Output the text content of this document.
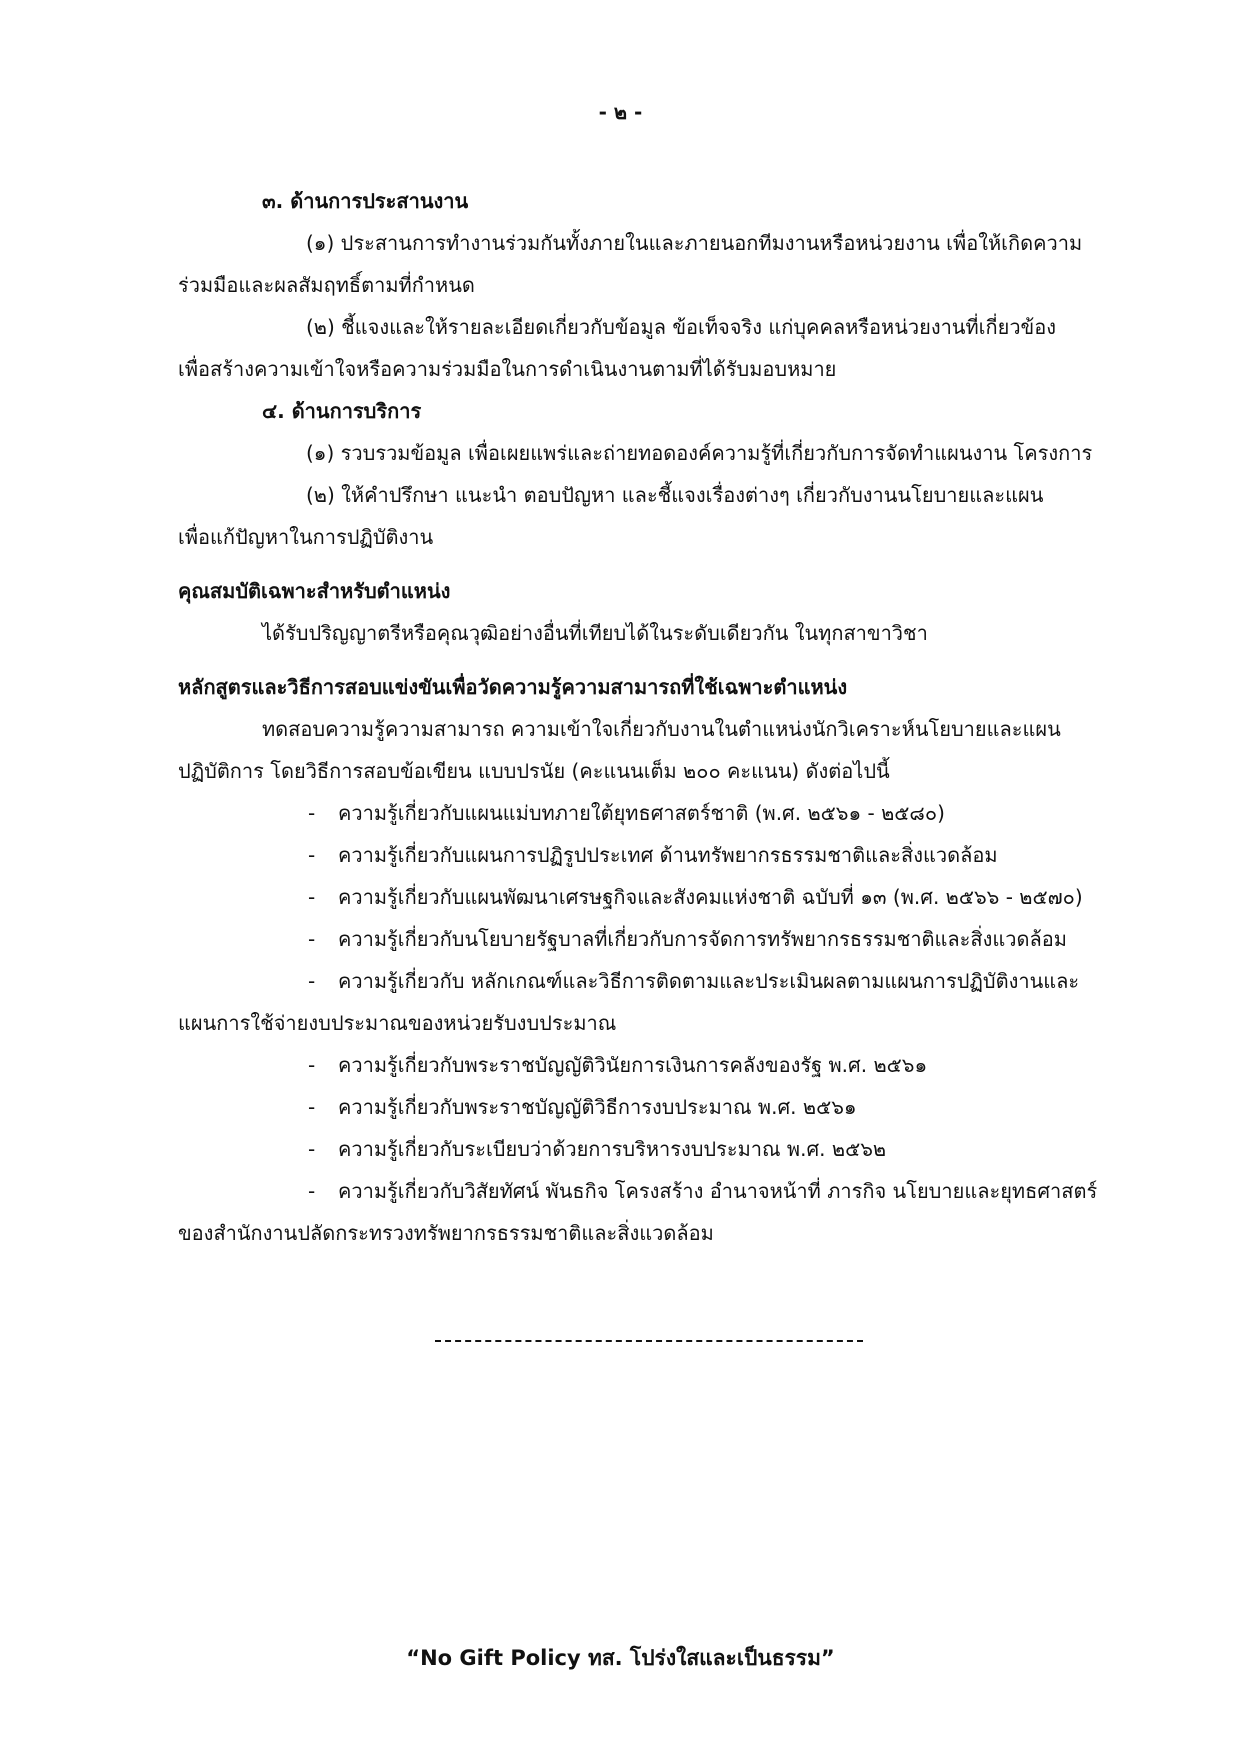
- ๒ -
๓. ด้านการประสานงาน
(๑) ประสานการทำงานร่วมกันทั้งภายในและภายนอกทีมงานหรือหน่วยงาน เพื่อให้เกิดความ
ร่วมมือและผลสัมฤทธิ์ตามที่กำหนด
(๒) ชี้แจงและให้รายละเอียดเกี่ยวกับข้อมูล ข้อเท็จจริง แก่บุคคลหรือหน่วยงานที่เกี่ยวข้อง
เพื่อสร้างความเข้าใจหรือความร่วมมือในการดำเนินงานตามที่ได้รับมอบหมาย
๔. ด้านการบริการ
(๑) รวบรวมข้อมูล เพื่อเผยแพร่และถ่ายทอดองค์ความรู้ที่เกี่ยวกับการจัดทำแผนงาน โครงการ
(๒) ให้คำปรึกษา แนะนำ ตอบปัญหา และชี้แจงเรื่องต่างๆ เกี่ยวกับงานนโยบายและแผน
เพื่อแก้ปัญหาในการปฏิบัติงาน
คุณสมบัติเฉพาะสำหรับตำแหน่ง
ได้รับปริญญาตรีหรือคุณวุฒิอย่างอื่นที่เทียบได้ในระดับเดียวกัน ในทุกสาขาวิชา
หลักสูตรและวิธีการสอบแข่งขันเพื่อวัดความรู้ความสามารถที่ใช้เฉพาะตำแหน่ง
ทดสอบความรู้ความสามารถ ความเข้าใจเกี่ยวกับงานในตำแหน่งนักวิเคราะห์นโยบายและแผน
ปฏิบัติการ โดยวิธีการสอบข้อเขียน แบบปรนัย (คะแนนเต็ม ๒๐๐ คะแนน) ดังต่อไปนี้
- ความรู้เกี่ยวกับแผนแม่บทภายใต้ยุทธศาสตร์ชาติ (พ.ศ. ๒๕๖๑ - ๒๕๘๐)
- ความรู้เกี่ยวกับแผนการปฏิรูปประเทศ ด้านทรัพยากรธรรมชาติและสิ่งแวดล้อม
- ความรู้เกี่ยวกับแผนพัฒนาเศรษฐกิจและสังคมแห่งชาติ ฉบับที่ ๑๓ (พ.ศ. ๒๕๖๖ - ๒๕๗๐)
- ความรู้เกี่ยวกับนโยบายรัฐบาลที่เกี่ยวกับการจัดการทรัพยากรธรรมชาติและสิ่งแวดล้อม
- ความรู้เกี่ยวกับ หลักเกณฑ์และวิธีการติดตามและประเมินผลตามแผนการปฏิบัติงานและ
แผนการใช้จ่ายงบประมาณของหน่วยรับงบประมาณ
- ความรู้เกี่ยวกับพระราชบัญญัติวินัยการเงินการคลังของรัฐ พ.ศ. ๒๕๖๑
- ความรู้เกี่ยวกับพระราชบัญญัติวิธีการงบประมาณ พ.ศ. ๒๕๖๑
- ความรู้เกี่ยวกับระเบียบว่าด้วยการบริหารงบประมาณ พ.ศ. ๒๕๖๒
- ความรู้เกี่ยวกับวิสัยทัศน์ พันธกิจ โครงสร้าง อำนาจหน้าที่ ภารกิจ นโยบายและยุทธศาสตร์
ของสำนักงานปลัดกระทรวงทรัพยากรธรรมชาติและสิ่งแวดล้อม
“No Gift Policy ทส. โปร่งใสและเป็นธรรม”
